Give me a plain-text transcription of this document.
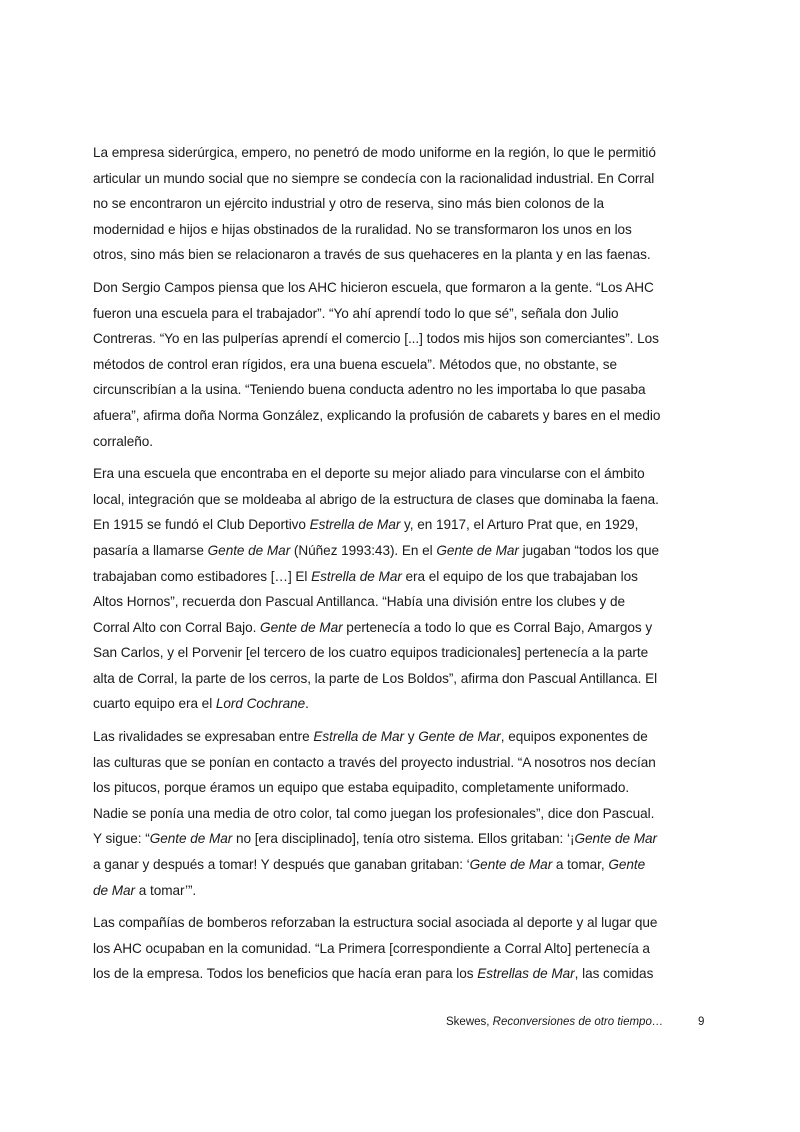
La empresa siderúrgica, empero, no penetró de modo uniforme en la región, lo que le permitió
articular un mundo social que no siempre se condecía con la racionalidad industrial. En Corral
no se encontraron un ejército industrial y otro de reserva, sino más bien colonos de la
modernidad e hijos e hijas obstinados de la ruralidad. No se transformaron los unos en los
otros, sino más bien se relacionaron a través de sus quehaceres en la planta y en las faenas.

Don Sergio Campos piensa que los AHC hicieron escuela, que formaron a la gente. “Los AHC
fueron una escuela para el trabajador”. “Yo ahí aprendí todo lo que sé”, señala don Julio
Contreras. “Yo en las pulperías aprendí el comercio [...] todos mis hijos son comerciantes”. Los
métodos de control eran rígidos, era una buena escuela”. Métodos que, no obstante, se
circunscribían a la usina. “Teniendo buena conducta adentro no les importaba lo que pasaba
afuera”, afirma doña Norma González, explicando la profusión de cabarets y bares en el medio
corraleño.

Era una escuela que encontraba en el deporte su mejor aliado para vincularse con el ámbito
local, integración que se moldeaba al abrigo de la estructura de clases que dominaba la faena.
En 1915 se fundó el Club Deportivo Estrella de Mar y, en 1917, el Arturo Prat que, en 1929,
pasaría a llamarse Gente de Mar (Núñez 1993:43). En el Gente de Mar jugaban “todos los que
trabajaban como estibadores […] El Estrella de Mar era el equipo de los que trabajaban los
Altos Hornos”, recuerda don Pascual Antillanca. “Había una división entre los clubes y de
Corral Alto con Corral Bajo. Gente de Mar pertenecía a todo lo que es Corral Bajo, Amargos y
San Carlos, y el Porvenir [el tercero de los cuatro equipos tradicionales] pertenecía a la parte
alta de Corral, la parte de los cerros, la parte de Los Boldos”, afirma don Pascual Antillanca. El
cuarto equipo era el Lord Cochrane.

Las rivalidades se expresaban entre Estrella de Mar y Gente de Mar, equipos exponentes de
las culturas que se ponían en contacto a través del proyecto industrial. “A nosotros nos decían
los pitucos, porque éramos un equipo que estaba equipadito, completamente uniformado.
Nadie se ponía una media de otro color, tal como juegan los profesionales”, dice don Pascual.
Y sigue: “Gente de Mar no [era disciplinado], tenía otro sistema. Ellos gritaban: ‘¡Gente de Mar
a ganar y después a tomar! Y después que ganaban gritaban: ‘Gente de Mar a tomar, Gente
de Mar a tomar’”.

Las compañías de bomberos reforzaban la estructura social asociada al deporte y al lugar que
los AHC ocupaban en la comunidad. “La Primera [correspondiente a Corral Alto] pertenecía a
los de la empresa. Todos los beneficios que hacía eran para los Estrellas de Mar, las comidas

Skewes, Reconversiones de otro tiempo…	9
